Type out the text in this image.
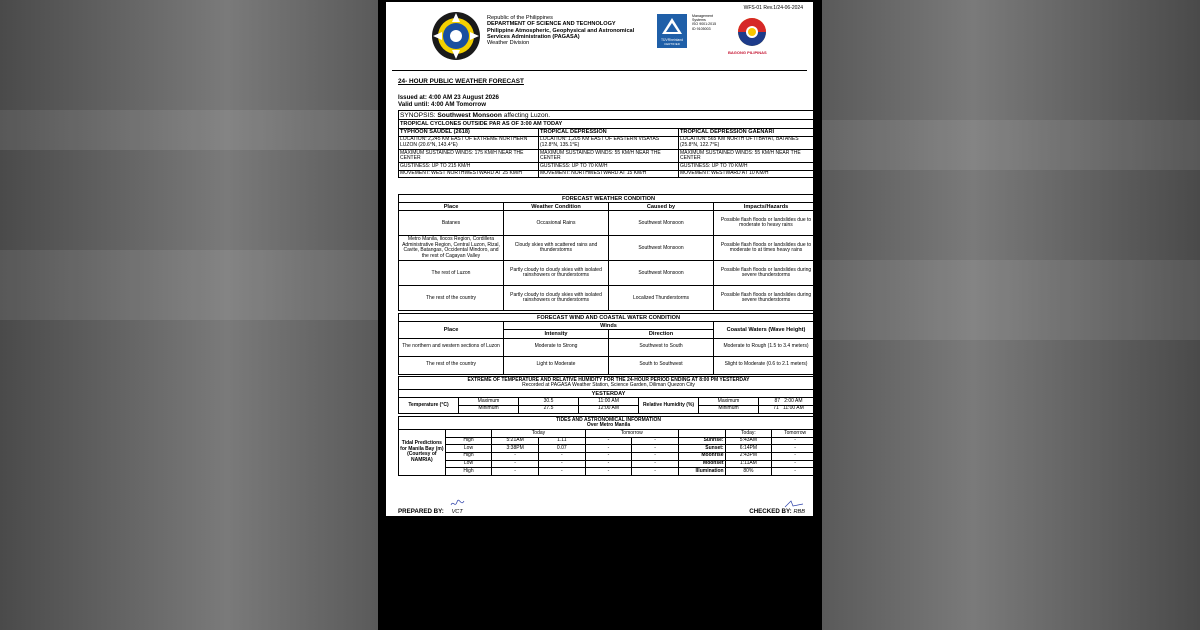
Republic of the Philippines
DEPARTMENT OF SCIENCE AND TECHNOLOGY
Philippine Atmospheric, Geophysical and Astronomical
Services Administration (PAGASA)
Weather Division
WFS-01 Rev.1/24-06-2024
TÜVRheinland
CERTIFIED
Management
Systems
ISO 9001:2015
ID 9105003
BAGONG PILIPINAS
24- HOUR PUBLIC WEATHER FORECAST
Issued at: 4:00 AM 23 August 2026
Valid until: 4:00 AM Tomorrow
SYNOPSIS: Southwest Monsoon affecting Luzon.		
TROPICAL CYCLONES OUTSIDE PAR AS OF 3:00 AM TODAY		
TYPHOON SAUDEL (2618)	TROPICAL DEPRESSION	TROPICAL DEPRESSION GAENARI
LOCATION: 2,245 KM EAST OF EXTREME NORTHERN LUZON (20.6°N, 143.4°E)	LOCATION: 1,205 KM EAST OF EASTERN VISAYAS (12.8°N, 135.1°E)	LOCATION: 565 KM NORTH OF ITBAYAT, BATANES (25.8°N, 122.7°E)
MAXIMUM SUSTAINED WINDS: 175 KM/H NEAR THE CENTER	MAXIMUM SUSTAINED WINDS: 55 KM/H NEAR THE CENTER	MAXIMUM SUSTAINED WINDS: 55 KM/H NEAR THE CENTER
GUSTINESS: UP TO 215 KM/H	GUSTINESS: UP TO 70 KM/H	GUSTINESS: UP TO 70 KM/H
MOVEMENT: WEST NORTHWESTWARD AT 25 KM/H	MOVEMENT: NORTHWESTWARD AT 15 KM/H	MOVEMENT: WESTWARD AT 10 KM/H
FORECAST WEATHER CONDITION			
Place	Weather Condition	Caused by	Impacts/Hazards
Batanes	Occasional Rains	Southwest Monsoon	Possible flash floods or landslides due to moderate to heavy rains
Metro Manila, Ilocos Region, Cordillera Administrative Region, Central Luzon, Rizal, Cavite, Batangas, Occidental Mindoro, and the rest of Cagayan Valley	Cloudy skies with scattered rains and thunderstorms	Southwest Monsoon	Possible flash floods or landslides due to moderate to at times heavy rains
The rest of Luzon	Partly cloudy to cloudy skies with isolated rainshowers or thunderstorms	Southwest Monsoon	Possible flash floods or landslides during severe thunderstorms
The rest of the country	Partly cloudy to cloudy skies with isolated rainshowers or thunderstorms	Localized Thunderstorms	Possible flash floods or landslides during severe thunderstorms
FORECAST WIND AND COASTAL WATER CONDITION			
Place	Winds		Coastal Waters (Wave Height)
	Intensity	Direction	
The northern and western sections of Luzon	Moderate to Strong	Southwest to South	Moderate to Rough (1.5 to 3.4 meters)
The rest of the country	Light to Moderate	South to Southwest	Slight to Moderate (0.6 to 2.1 meters)
EXTREME OF TEMPERATURE AND RELATIVE HUMIDITY FOR THE 24-HOUR PERIOD ENDING AT 8:00 PM YESTERDAY
Recorded at PAGASA Weather Station, Science Garden, Diliman Quezon City						

YESTERDAY						
Temperature (°C)	Maximum	30.5	11:00 AM	Relative Humidity (%)	Maximum	87 2:00 AM
	Minimum	27.5	12:00 AM		Minimum	71 11:00 AM
TIDES AND ASTRONOMICAL INFORMATION
Over Metro Manila								

Tidal Predictions for Manila Bay (m) (Courtesy of NAMRIA)		Today		Tomorrow			Today:	Tomorrow
	High	5:21AM	1.11	-	-	Sunrise:	5:43AM	-
	Low	3:38PM	0.07	-	-	Sunset:	6:14PM	-
	High	-	-	-	-	Moonrise	2:43PM	-
	Low	-	-	-	-	Moonset	1:11AM	-
	High	-	-	-	-	Illumination	80%	-
PREPARED BY: VCT	CHECKED BY: RBB
